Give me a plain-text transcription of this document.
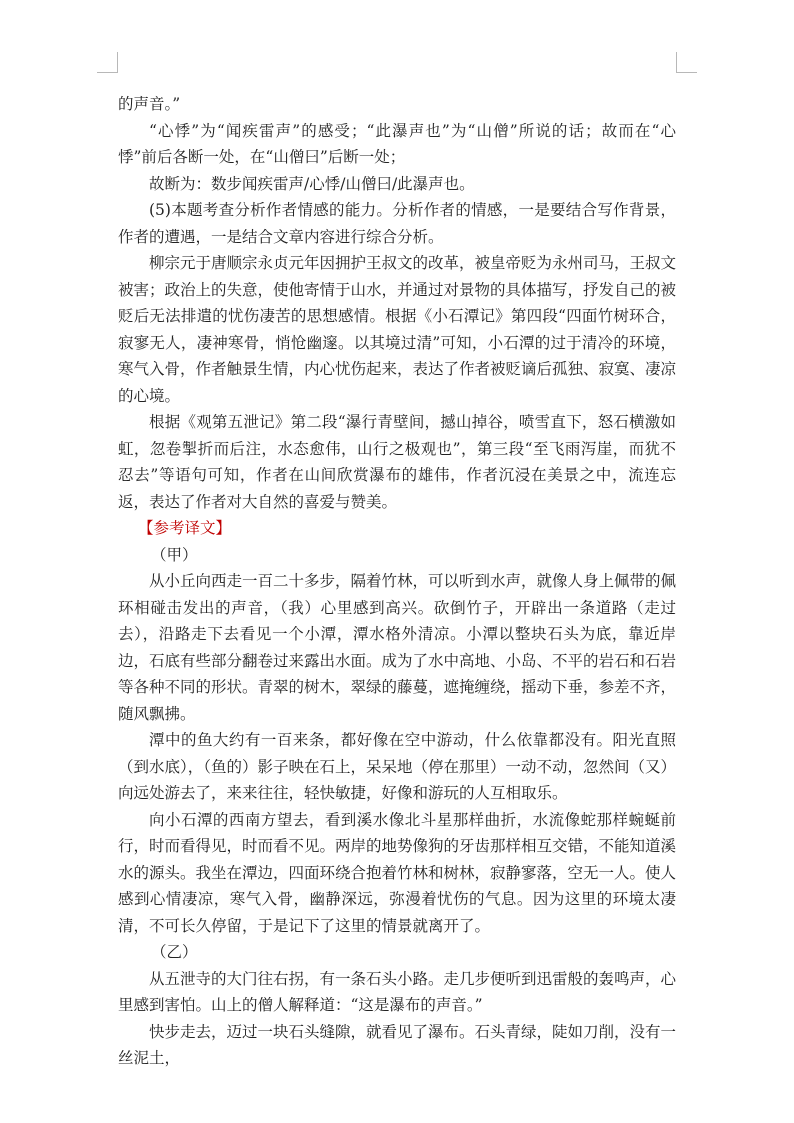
的声音。”

“心悸”为“闻疾雷声”的感受；“此瀑声也”为“山僧”所说的话；故而在“心悸”前后各断一处，在“山僧曰”后断一处；

故断为：数步闻疾雷声/心悸/山僧曰/此瀑声也。

(5)本题考查分析作者情感的能力。分析作者的情感，一是要结合写作背景，作者的遭遇，一是结合文章内容进行综合分析。

柳宗元于唐顺宗永贞元年因拥护王叔文的改革，被皇帝贬为永州司马，王叔文被害；政治上的失意，使他寄情于山水，并通过对景物的具体描写，抒发自己的被贬后无法排遣的忧伤凄苦的思想感情。根据《小石潭记》第四段“四面竹树环合，寂寥无人，凄神寒骨，悄怆幽邃。以其境过清”可知，小石潭的过于清冷的环境，寒气入骨，作者触景生情，内心忧伤起来，表达了作者被贬谪后孤独、寂寞、凄凉的心境。

根据《观第五泄记》第二段“瀑行青壁间，撼山掉谷，喷雪直下，怒石横激如虹，忽卷掣折而后注，水态愈伟，山行之极观也”，第三段“至飞雨泻崖，而犹不忍去”等语句可知，作者在山间欣赏瀑布的雄伟，作者沉浸在美景之中，流连忘返，表达了作者对大自然的喜爱与赞美。

【参考译文】

（甲）

从小丘向西走一百二十多步，隔着竹林，可以听到水声，就像人身上佩带的佩环相碰击发出的声音，（我）心里感到高兴。砍倒竹子，开辟出一条道路（走过去），沿路走下去看见一个小潭，潭水格外清凉。小潭以整块石头为底，靠近岸边，石底有些部分翻卷过来露出水面。成为了水中高地、小岛、不平的岩石和石岩等各种不同的形状。青翠的树木，翠绿的藤蔓，遮掩缠绕，摇动下垂，参差不齐，随风飘拂。

潭中的鱼大约有一百来条，都好像在空中游动，什么依靠都没有。阳光直照（到水底），（鱼的）影子映在石上，呆呆地（停在那里）一动不动，忽然间（又）向远处游去了，来来往往，轻快敏捷，好像和游玩的人互相取乐。

向小石潭的西南方望去，看到溪水像北斗星那样曲折，水流像蛇那样蜿蜒前行，时而看得见，时而看不见。两岸的地势像狗的牙齿那样相互交错，不能知道溪水的源头。我坐在潭边，四面环绕合抱着竹林和树林，寂静寥落，空无一人。使人感到心情凄凉，寒气入骨，幽静深远，弥漫着忧伤的气息。因为这里的环境太凄清，不可长久停留，于是记下了这里的情景就离开了。

（乙）

从五泄寺的大门往右拐，有一条石头小路。走几步便听到迅雷般的轰鸣声，心里感到害怕。山上的僧人解释道：“这是瀑布的声音。”

快步走去，迈过一块石头缝隙，就看见了瀑布。石头青绿，陡如刀削，没有一丝泥土，
